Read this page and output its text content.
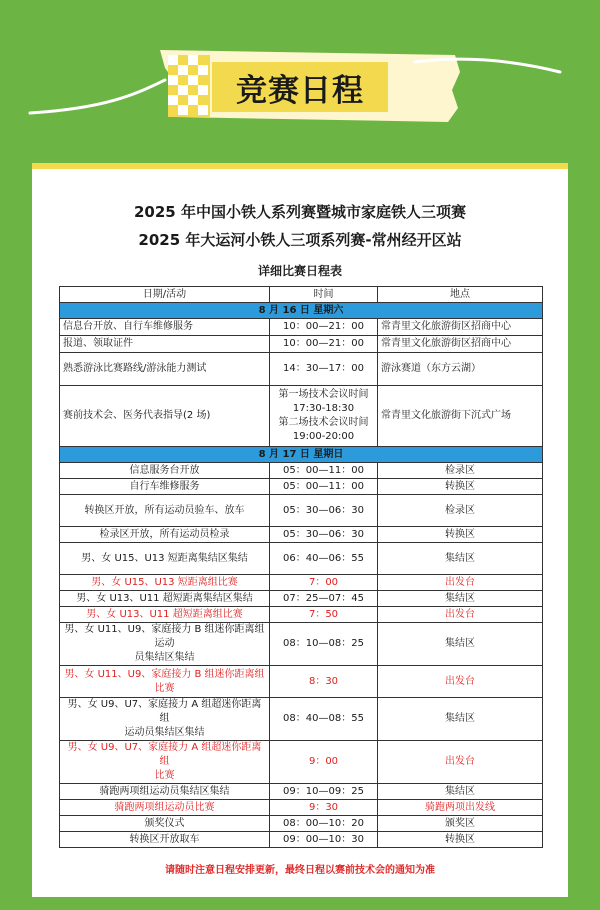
竞赛日程
2025 年中国小铁人系列赛暨城市家庭铁人三项赛
2025 年大运河小铁人三项系列赛-常州经开区站
详细比赛日程表
日期/活动	时间	地点
8 月 16 日 星期六		
信息台开放、自行车维修服务	10：00—21：00	常青里文化旅游街区招商中心
报道、领取证件	10：00—21：00	常青里文化旅游街区招商中心
熟悉游泳比赛路线/游泳能力测试	14：30—17：00	游泳赛道（东方云湖）
赛前技术会、医务代表指导(2 场)	第一场技术会议时间
17:30-18:30
第二场技术会议时间
19:00-20:00	常青里文化旅游街下沉式广场
8 月 17 日 星期日		
信息服务台开放	05：00—11：00	检录区
自行车维修服务	05：00—11：00	转换区
转换区开放，所有运动员验车、放车	05：30—06：30	检录区
检录区开放，所有运动员检录	05：30—06：30	转换区
男、女 U15、U13 短距离集结区集结	06：40—06：55	集结区
男、女 U15、U13 短距离组比赛	7：00	出发台
男、女 U13、U11 超短距离集结区集结	07：25—07：45	集结区
男、女 U13、U11 超短距离组比赛	7：50	出发台

男、女 U11、U9、家庭接力 B 组迷你距离组运动
员集结区集结	08：10—08：25	集结区

男、女 U11、U9、家庭接力 B 组迷你距离组
比赛	8：30	出发台

男、女 U9、U7、家庭接力 A 组超迷你距离组
运动员集结区集结	08：40—08：55	集结区

男、女 U9、U7、家庭接力 A 组超迷你距离组
比赛	9：00	出发台
骑跑两项组运动员集结区集结	09：10—09：25	集结区
骑跑两项组运动员比赛	9：30	骑跑两项出发线
颁奖仪式	08：00—10：20	颁奖区
转换区开放取车	09：00—10：30	转换区
请随时注意日程安排更新，最终日程以赛前技术会的通知为准
